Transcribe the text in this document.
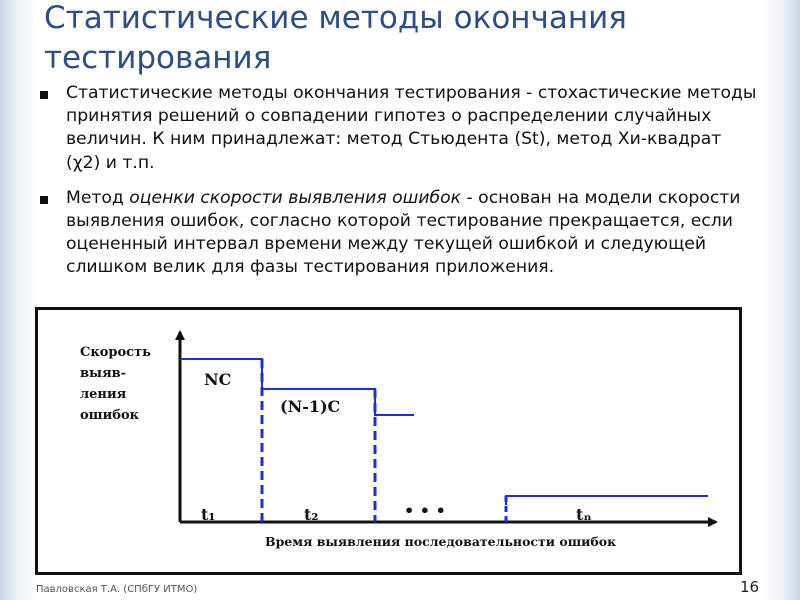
Статистические методы окончания тестирования
Статистические методы окончания тестирования - стохастические методы принятия решений о совпадении гипотез о распределении случайных величин. К ним принадлежат: метод Стьюдента (St), метод Хи-квадрат (χ2) и т.п.
Метод оценки скорости выявления ошибок - основан на модели скорости выявления ошибок, согласно которой тестирование прекращается, если оцененный интервал времени между текущей ошибкой и следующей слишком велик для фазы тестирования приложения.
Скорость
выяв-
ления
ошибок
NC
(N-1)C
t₁	t₂	tₙ
• • •
Время выявления последовательности ошибок
Павловская Т.А. (СПбГУ ИТМО)	16
